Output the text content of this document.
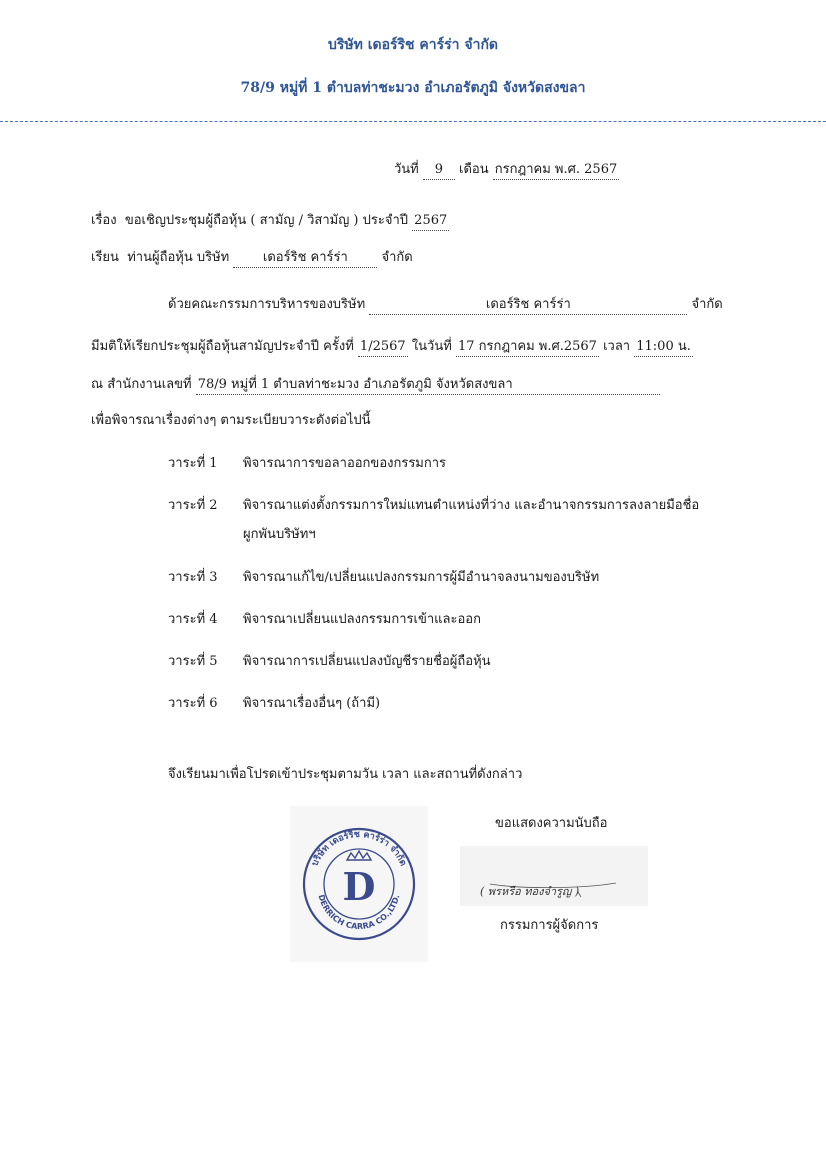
บริษัท เดอร์ริช คาร์ร่า จำกัด
78/9 หมู่ที่ 1 ตำบลท่าชะมวง อำเภอรัตภูมิ จังหวัดสงขลา
วันที่ 9 เดือน กรกฎาคม พ.ศ. 2567
เรื่อง ขอเชิญประชุมผู้ถือหุ้น ( สามัญ / วิสามัญ ) ประจำปี 2567
เรียน ท่านผู้ถือหุ้น บริษัท	เดอร์ริช คาร์ร่า	จำกัด
ด้วยคณะกรรมการบริหารของบริษัท	เดอร์ริช คาร์ร่า	จำกัด
มีมติให้เรียกประชุมผู้ถือหุ้นสามัญประจำปี ครั้งที่ 1/2567 ในวันที่ 17 กรกฎาคม พ.ศ.2567 เวลา 11:00 น.
ณ สำนักงานเลขที่ 78/9 หมู่ที่ 1 ตำบลท่าชะมวง อำเภอรัตภูมิ จังหวัดสงขลา
เพื่อพิจารณาเรื่องต่างๆ ตามระเบียบวาระดังต่อไปนี้
วาระที่ 1 พิจารณาการขอลาออกของกรรมการ
วาระที่ 2 พิจารณาแต่งตั้งกรรมการใหม่แทนตำแหน่งที่ว่าง และอำนาจกรรมการลงลายมือชื่อ
ผูกพันบริษัทฯ
วาระที่ 3 พิจารณาแก้ไข/เปลี่ยนแปลงกรรมการผู้มีอำนาจลงนามของบริษัท
วาระที่ 4 พิจารณาเปลี่ยนแปลงกรรมการเข้าและออก
วาระที่ 5 พิจารณาการเปลี่ยนแปลงบัญชีรายชื่อผู้ถือหุ้น
วาระที่ 6 พิจารณาเรื่องอื่นๆ (ถ้ามี)
จึงเรียนมาเพื่อโปรดเข้าประชุมตามวัน เวลา และสถานที่ดังกล่าว
ขอแสดงความนับถือ
บริษัท เดอร์ริช คาร์ร่า จำกัด
DERRICH CARRA CO.,LTD.
D	( พรหรือ ทองจำรูญ )
กรรมการผู้จัดการ
